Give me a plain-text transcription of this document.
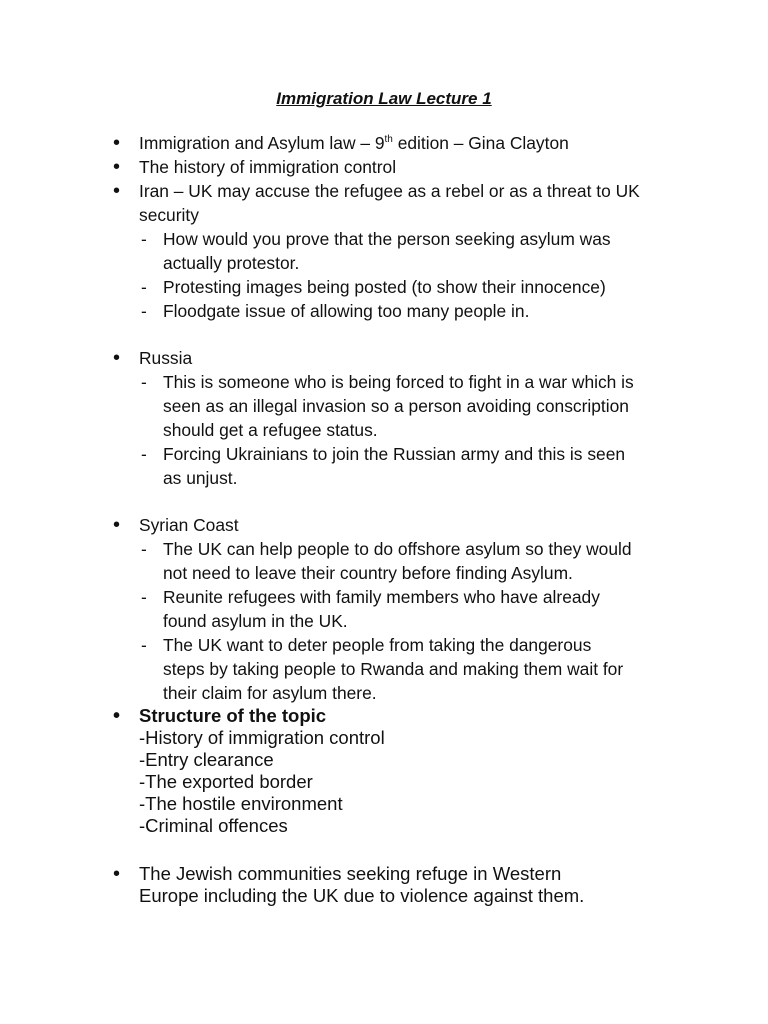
Immigration Law Lecture 1
• Immigration and Asylum law – 9th edition – Gina Clayton
• The history of immigration control
• Iran – UK may accuse the refugee as a rebel or as a threat to UK
security
- How would you prove that the person seeking asylum was
actually protestor.
- Protesting images being posted (to show their innocence)
- Floodgate issue of allowing too many people in.
• Russia
- This is someone who is being forced to fight in a war which is
seen as an illegal invasion so a person avoiding conscription
should get a refugee status.
- Forcing Ukrainians to join the Russian army and this is seen
as unjust.
• Syrian Coast
- The UK can help people to do offshore asylum so they would
not need to leave their country before finding Asylum.
- Reunite refugees with family members who have already
found asylum in the UK.
- The UK want to deter people from taking the dangerous
steps by taking people to Rwanda and making them wait for
their claim for asylum there.
• Structure of the topic
-History of immigration control
-Entry clearance
-The exported border
-The hostile environment
-Criminal offences
• The Jewish communities seeking refuge in Western
Europe including the UK due to violence against them.
